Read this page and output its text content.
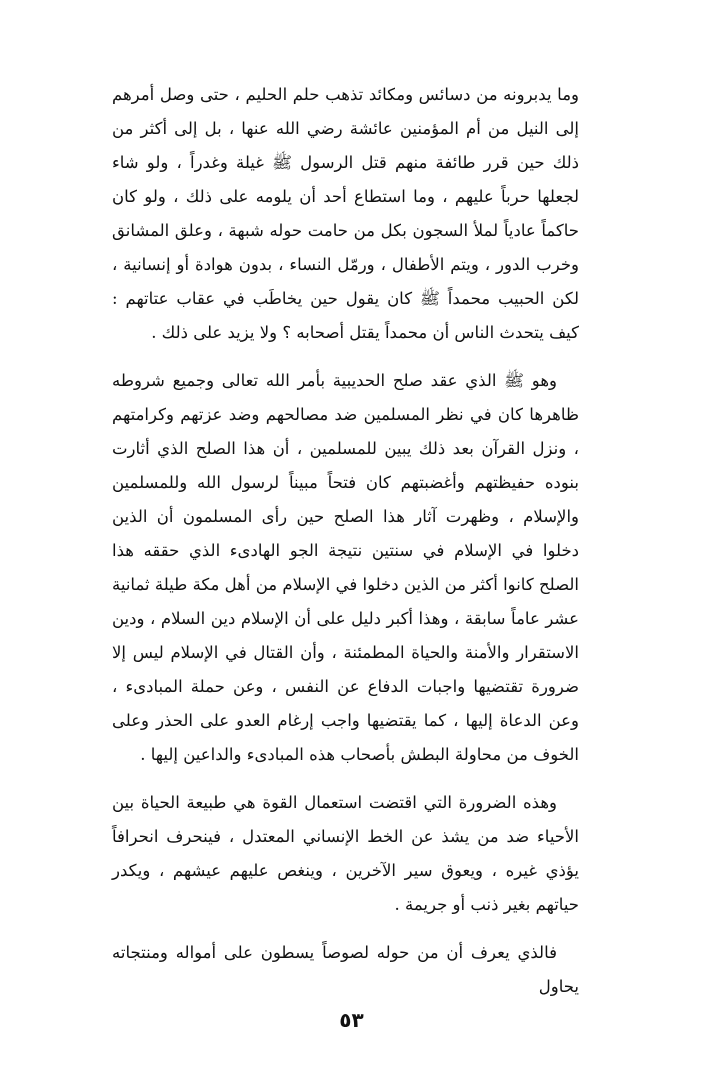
وما يدبرونه من دسائس ومكائد تذهب حلم الحليم ، حتى وصل أمرهم إلى النيل من أم المؤمنين عائشة رضي الله عنها ، بل إلى أكثر من ذلك حين قرر طائفة منهم قتل الرسول ﷺ غيلة وغدراً ، ولو شاء لجعلها حرباً عليهم ، وما استطاع أحد أن يلومه على ذلك ، ولو كان حاكماً عادياً لملأ السجون بكل من حامت حوله شبهة ، وعلق المشانق وخرب الدور ، ويتم الأطفال ، ورمّل النساء ، بدون هوادة أو إنسانية ، لكن الحبيب محمداً ﷺ كان يقول حين يخاطَب في عقاب عتاتهم : كيف يتحدث الناس أن محمداً يقتل أصحابه ؟ ولا يزيد على ذلك .

وهو ﷺ الذي عقد صلح الحديبية بأمر الله تعالى وجميع شروطه ظاهرها كان في نظر المسلمين ضد مصالحهم وضد عزتهم وكرامتهم ، ونزل القرآن بعد ذلك يبين للمسلمين ، أن هذا الصلح الذي أثارت بنوده حفيظتهم وأغضبتهم كان فتحاً مبيناً لرسول الله وللمسلمين والإسلام ، وظهرت آثار هذا الصلح حين رأى المسلمون أن الذين دخلوا في الإسلام في سنتين نتيجة الجو الهادىء الذي حققه هذا الصلح كانوا أكثر من الذين دخلوا في الإسلام من أهل مكة طيلة ثمانية عشر عاماً سابقة ، وهذا أكبر دليل على أن الإسلام دين السلام ، ودين الاستقرار والأمنة والحياة المطمئنة ، وأن القتال في الإسلام ليس إلا ضرورة تقتضيها واجبات الدفاع عن النفس ، وعن حملة المبادىء ، وعن الدعاة إليها ، كما يقتضيها واجب إرغام العدو على الحذر وعلى الخوف من محاولة البطش بأصحاب هذه المبادىء والداعين إليها .

وهذه الضرورة التي اقتضت استعمال القوة هي طبيعة الحياة بين الأحياء ضد من يشذ عن الخط الإنساني المعتدل ، فينحرف انحرافاً يؤذي غيره ، ويعوق سير الآخرين ، وينغص عليهم عيشهم ، ويكدر حياتهم بغير ذنب أو جريمة .

فالذي يعرف أن من حوله لصوصاً يسطون على أمواله ومنتجاته يحاول

٥٣
